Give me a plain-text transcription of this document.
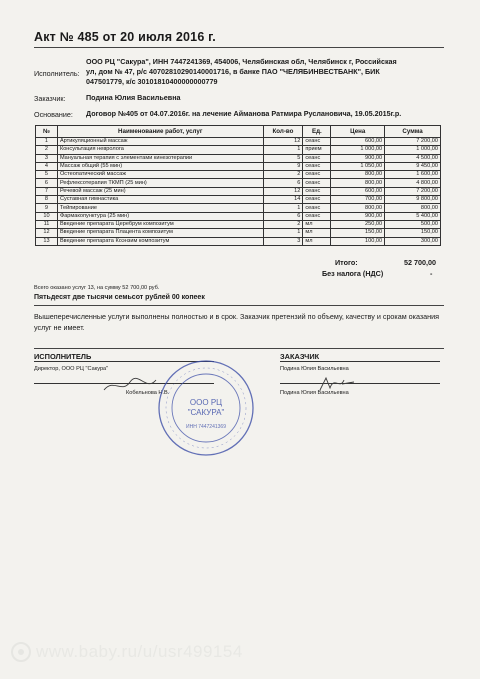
Акт № 485 от 20 июля 2016 г.
Исполнитель:
ООО РЦ "Сакура", ИНН 7447241369, 454006, Челябинская обл, Челябинск г, Российская
ул, дом № 47, р/с 40702810290140001716, в банке ПАО "ЧЕЛЯБИНВЕСТБАНК", БИК
047501779, к/с 30101810400000000779
Заказчик:	Подина Юлия Васильевна
Основание: Договор №405 от 04.07.2016г. на лечение Айманова Ратмира Руслановича, 19.05.2015г.р.
№	Наименование работ, услуг	Кол-во	Ед.	Цена	Сумма
1	Артикуляционный массаж	12	сеанс	600,00	7 200,00
2	Консультация невролога	1	прием	1 000,00	1 000,00
3	Мануальная терапия с элементами кинезотерапии	5	сеанс	900,00	4 500,00
4	Массаж общий (55 мин)	9	сеанс	1 050,00	9 450,00
5	Остеопатический массаж	2	сеанс	800,00	1 600,00
6	Рефлексотерапия ТКМП (25 мин)	6	сеанс	800,00	4 800,00
7	Речевой массаж (25 мин)	12	сеанс	600,00	7 200,00
8	Суставная гимнастика	14	сеанс	700,00	9 800,00
9	Тейпирование	1	сеанс	800,00	800,00
10	Фармакопунктура (25 мин)	6	сеанс	900,00	5 400,00
11	Введение препарата Церебрум композитум	2	мл	250,00	500,00
12	Введение препарата Плацента композитум	1	мл	150,00	150,00
13	Введение препарата Коэнзим композитум	3	мл	100,00	300,00
Итого:	52 700,00
Без налога (НДС)	-
Всего оказано услуг 13, на сумму 52 700,00 руб.
Пятьдесят две тысячи семьсот рублей 00 копеек
Вышеперечисленные услуги выполнены полностью и в срок. Заказчик претензий по объему, качеству и срокам оказания услуг не имеет.
ИСПОЛНИТЕЛЬ
Директор, ООО РЦ "Сакура"
Кобельнова Н.В.
ЗАКАЗЧИК
Подина Юлия Васильевна
Подина Юлия Васильевна
ООО РЦ
"САКУРА"
ИНН 7447241369
www.baby.ru/u/usr499154
